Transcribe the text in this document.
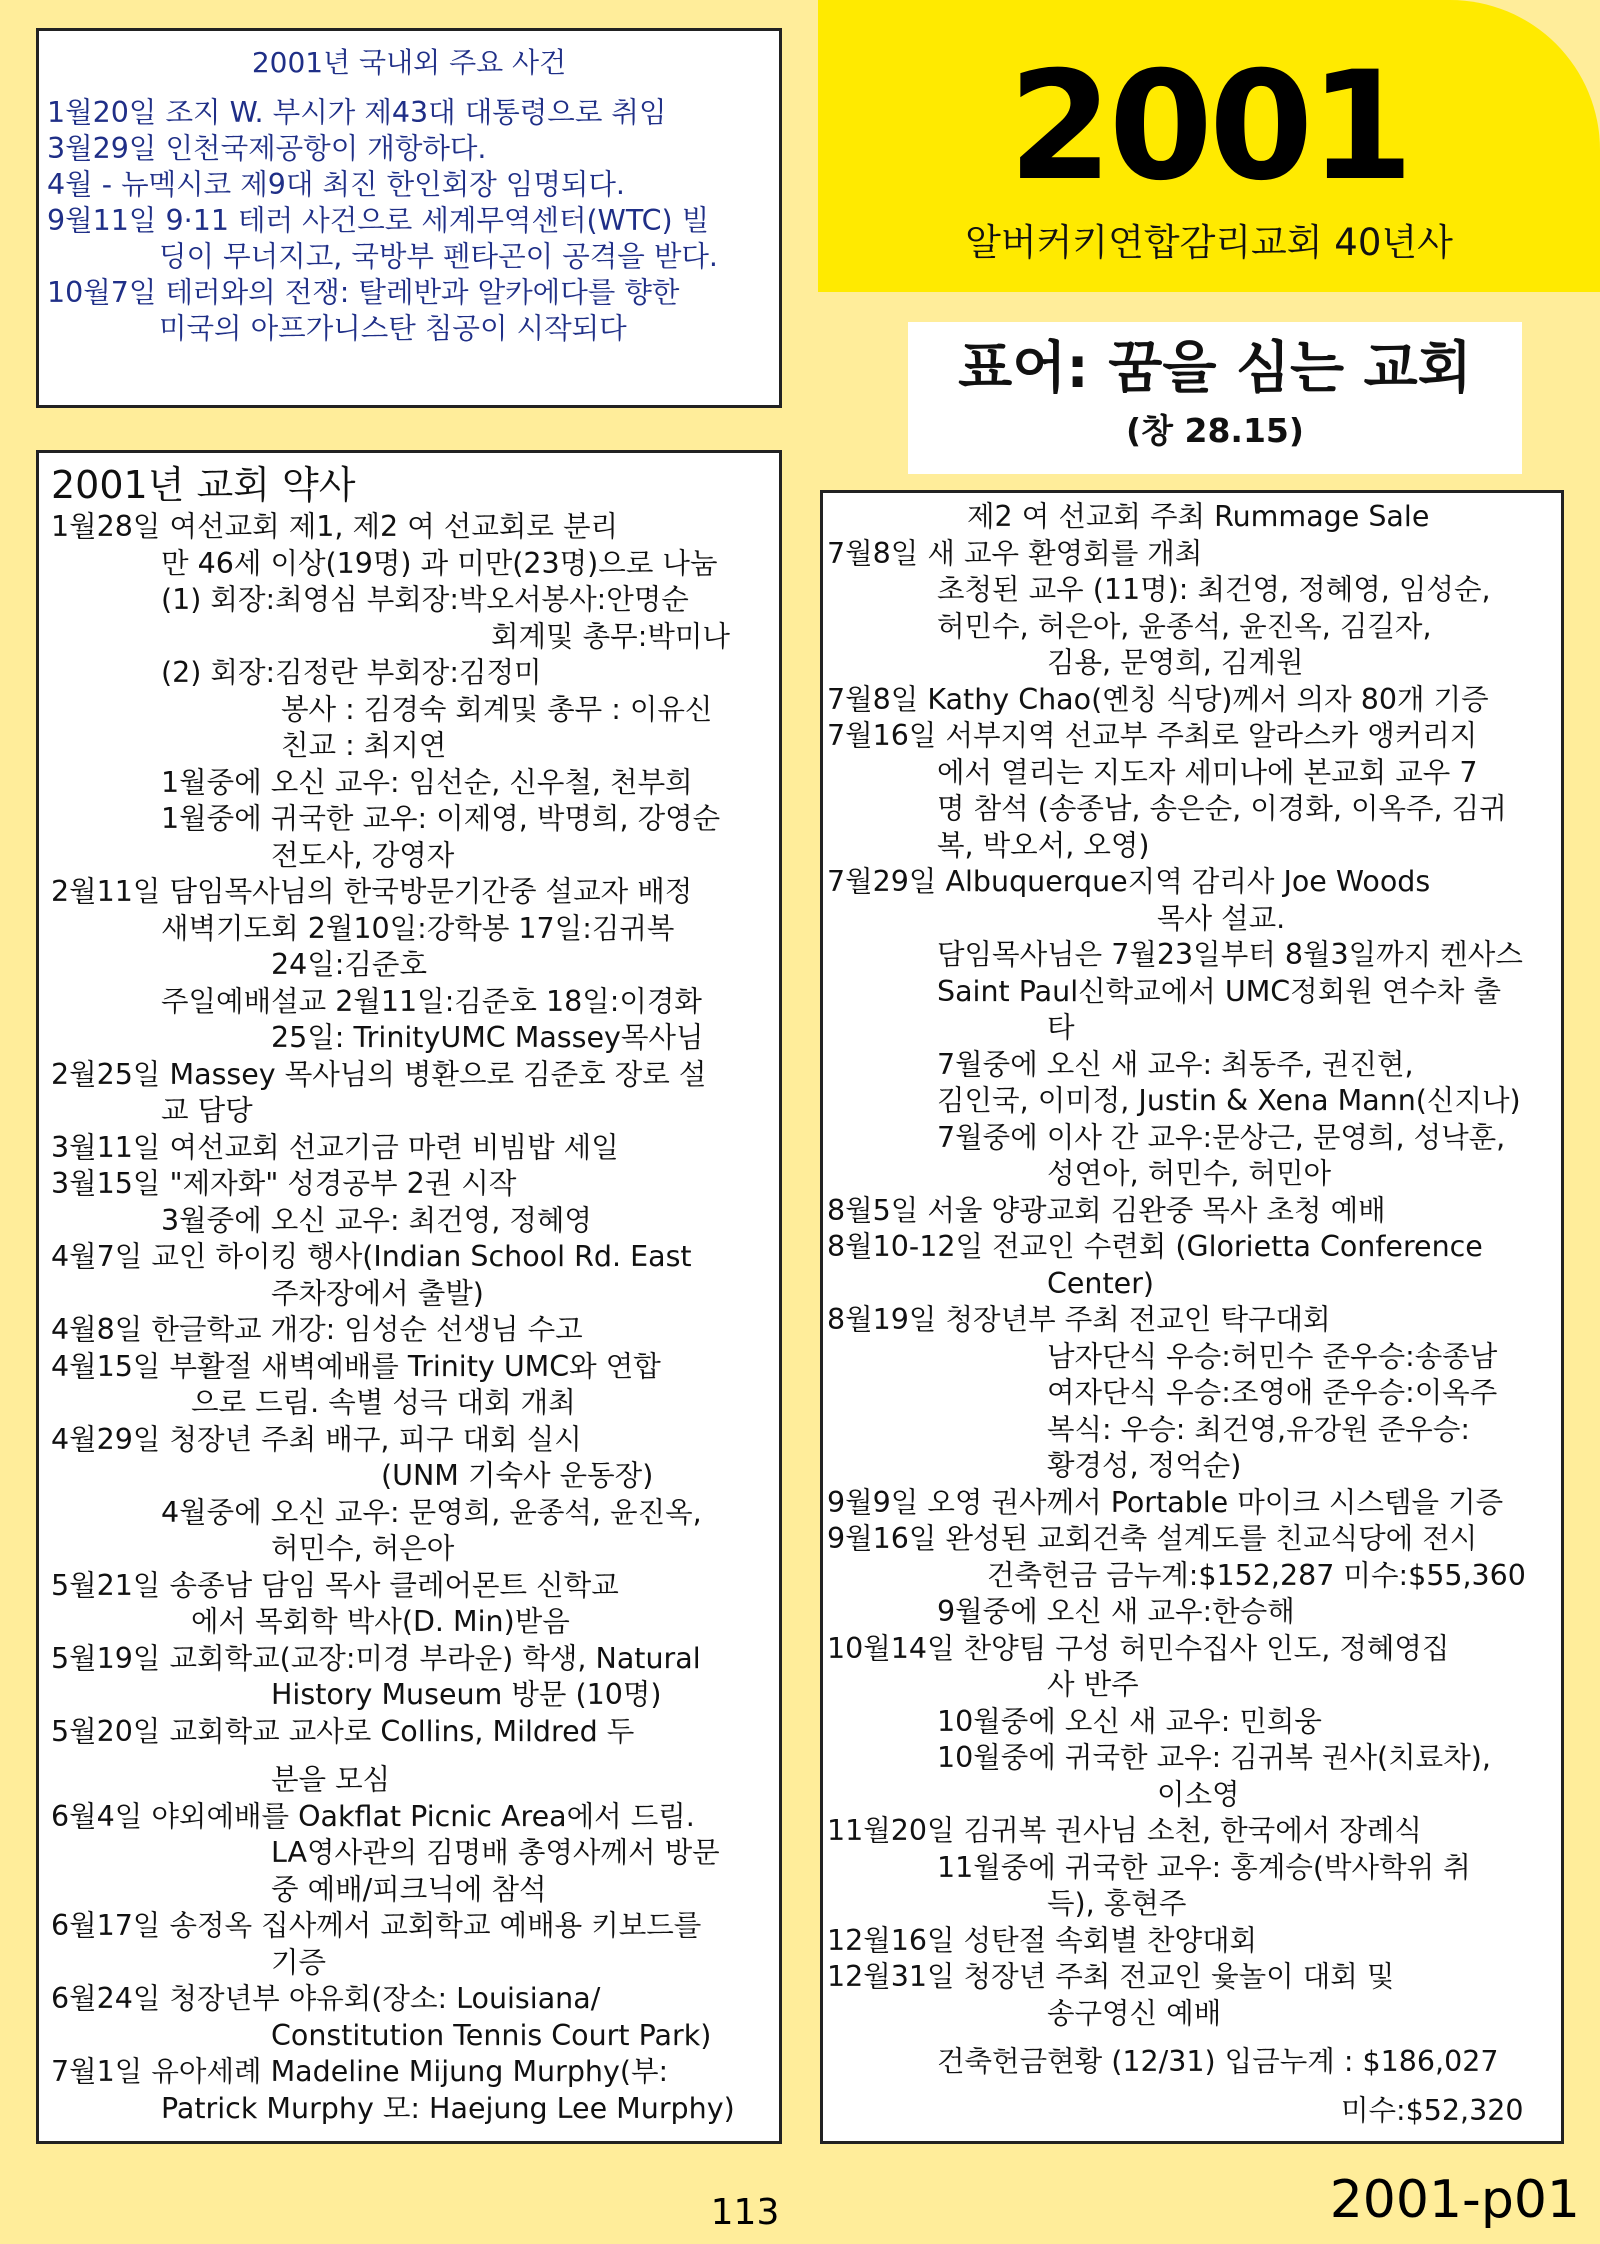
2001
알버커키연합감리교회 40년사
표어: 꿈을 심는 교회
(창 28.15)
2001년 국내외 주요 사건
1월20일 조지 W. 부시가 제43대 대통령으로 취임
3월29일 인천국제공항이 개항하다.
4월 - 뉴멕시코 제9대 최진 한인회장 임명되다.
9월11일 9·11 테러 사건으로 세계무역센터(WTC) 빌
딩이 무너지고, 국방부 펜타곤이 공격을 받다.
10월7일 테러와의 전쟁: 탈레반과 알카에다를 향한
미국의 아프가니스탄 침공이 시작되다
2001년 교회 약사
1월28일 여선교회 제1, 제2 여 선교회로 분리
만 46세 이상(19명) 과 미만(23명)으로 나눔
(1) 회장:최영심 부회장:박오서봉사:안명순
회계및 총무:박미나
(2) 회장:김정란 부회장:김정미
봉사 : 김경숙 회계및 총무 : 이유신
친교 : 최지연
1월중에 오신 교우: 임선순, 신우철, 천부희
1월중에 귀국한 교우: 이제영, 박명희, 강영순
전도사, 강영자
2월11일 담임목사님의 한국방문기간중 설교자 배정
새벽기도회 2월10일:강학봉 17일:김귀복
24일:김준호
주일예배설교 2월11일:김준호 18일:이경화
25일: TrinityUMC Massey목사님
2월25일 Massey 목사님의 병환으로 김준호 장로 설
교 담당
3월11일 여선교회 선교기금 마련 비빔밥 세일
3월15일 "제자화" 성경공부 2권 시작
3월중에 오신 교우: 최건영, 정혜영
4월7일 교인 하이킹 행사(Indian School Rd. East
주차장에서 출발)
4월8일 한글학교 개강: 임성순 선생님 수고
4월15일 부활절 새벽예배를 Trinity UMC와 연합
으로 드림. 속별 성극 대회 개최
4월29일 청장년 주최 배구, 피구 대회 실시
(UNM 기숙사 운동장)
4월중에 오신 교우: 문영희, 윤종석, 윤진옥,
허민수, 허은아
5월21일 송종남 담임 목사 클레어몬트 신학교
에서 목회학 박사(D. Min)받음
5월19일 교회학교(교장:미경 부라운) 학생, Natural
History Museum 방문 (10명)
5월20일 교회학교 교사로 Collins, Mildred 두
분을 모심
6월4일 야외예배를 Oakflat Picnic Area에서 드림.
LA영사관의 김명배 총영사께서 방문
중 예배/피크닉에 참석
6월17일 송정옥 집사께서 교회학교 예배용 키보드를
기증
6월24일 청장년부 야유회(장소: Louisiana/
Constitution Tennis Court Park)
7월1일 유아세례 Madeline Mijung Murphy(부:
Patrick Murphy 모: Haejung Lee Murphy)
제2 여 선교회 주최 Rummage Sale
7월8일 새 교우 환영회를 개최
초청된 교우 (11명): 최건영, 정혜영, 임성순,
허민수, 허은아, 윤종석, 윤진옥, 김길자,
김용, 문영희, 김계원
7월8일 Kathy Chao(옌칭 식당)께서 의자 80개 기증
7월16일 서부지역 선교부 주최로 알라스카 앵커리지
에서 열리는 지도자 세미나에 본교회 교우 7
명 참석 (송종남, 송은순, 이경화, 이옥주, 김귀
복, 박오서, 오영)
7월29일 Albuquerque지역 감리사 Joe Woods
목사 설교.
담임목사님은 7월23일부터 8월3일까지 켄사스
Saint Paul신학교에서 UMC정회원 연수차 출
타
7월중에 오신 새 교우: 최동주, 권진현,
김인국, 이미정, Justin & Xena Mann(신지나)
7월중에 이사 간 교우:문상근, 문영희, 성낙훈,
성연아, 허민수, 허민아
8월5일 서울 양광교회 김완중 목사 초청 예배
8월10-12일 전교인 수련회 (Glorietta Conference
Center)
8월19일 청장년부 주최 전교인 탁구대회
남자단식 우승:허민수 준우승:송종남
여자단식 우승:조영애 준우승:이옥주
복식: 우승: 최건영,유강원 준우승:
황경성, 정억순)
9월9일 오영 권사께서 Portable 마이크 시스템을 기증
9월16일 완성된 교회건축 설계도를 친교식당에 전시
건축헌금 금누계:$152,287 미수:$55,360
9월중에 오신 새 교우:한승해
10월14일 찬양팀 구성 허민수집사 인도, 정혜영집
사 반주
10월중에 오신 새 교우: 민희웅
10월중에 귀국한 교우: 김귀복 권사(치료차),
이소영
11월20일 김귀복 권사님 소천, 한국에서 장례식
11월중에 귀국한 교우: 홍계승(박사학위 취
득), 홍현주
12월16일 성탄절 속회별 찬양대회
12월31일 청장년 주최 전교인 윷놀이 대회 및
송구영신 예배
건축헌금현황 (12/31) 입금누계 : $186,027
미수:$52,320
113	2001-p01
